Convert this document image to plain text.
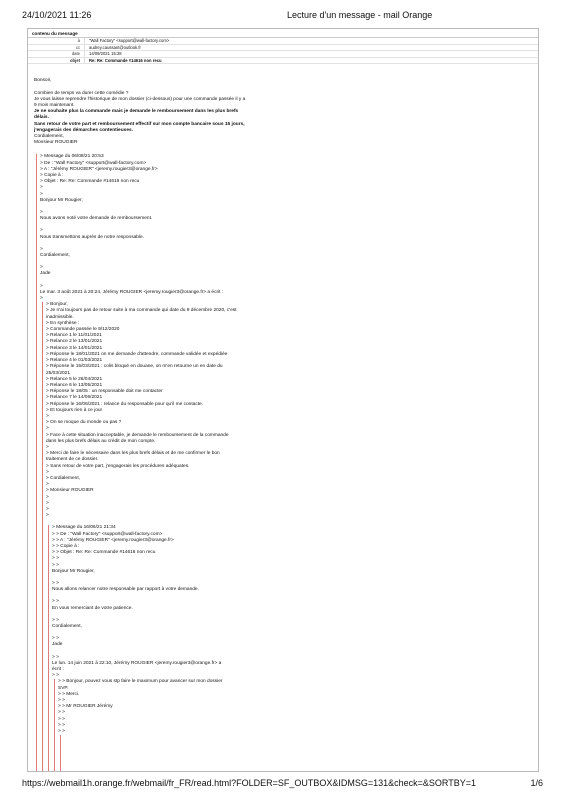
24/10/2021 11:26	Lecture d'un message - mail Orange
contenu du message
à	"Wall Factory" <support@wall-factory.com>
cc	audrey.caussant@outlook.fr
date	14/09/2021 15:28
objet	Re: Re: Commande #14616 non recu

Bonsoir,

Combien de temps va durer cette comédie ?

Je vous laisse reprendre l'historique de mon dossier (ci-dessous) pour une commande passée il y a

9 mois maintenant.

Je ne souhaite plus la commande mais je demande le remboursement dans les plus brefs

délais.

Sans retour de votre part et remboursement effectif sur mon compte bancaire sous 15 jours,

j'engagerais des démarches contentieuses.

Cordialement,

Monsieur ROUGIER

> Message du 06/08/21 20:53

> De : "Wall Factory" <support@wall-factory.com>

> A : "Jérémy ROUGIER" <jeremy.rougier3@orange.fr>

> Copie à :

> Objet : Re: Re: Commande #14616 non recu

>

>

Bonjour Mr Rougier,

>

Nous avons noté votre demande de remboursement.

>

Nous transmettons auprès de notre responsable.

>

Cordialement,

>

Jade

>

Le mar. 3 août 2021 à 20:24, Jérémy ROUGIER <jeremy.rougier3@orange.fr> a écrit :

>

> Bonjour,

> Je n'ai toujours pas de retour suite à ma commande qui date du 9 décembre 2020, c'est

inadmissible.

> En synthèse :

> Commande passée le 9/12/2020

> Relance 1 le 11/01/2021

> Relance 2 le 13/01/2021

> Relance 3 le 14/01/2021

> Réponse le 18/01/2021 on me demande d'attendre, commande validée et expédiée

> Relance 4 le 01/03/2021

> Réponse le 15/03/2021 : colis bloqué en douane, on m'en retourne un en date du

25/03/2021

> Relance 5 le 26/04/2021

> Relance 6 le 13/05/2021

> Réponse le 18/05 : un responsable doit me contacter

> Relance 7 le 14/06/2021

> Réponse le 16/06/2021 : relance du responsable pour qu'il me contacte.

> Et toujours rien à ce jour

>

> On se moque du monde ou pas ?

>

> Face à cette situation inacceptable, je demande le remboursement de la commande

dans les plus brefs délais au crédit de mon compte.

>

> Merci de faire le nécessaire dans les plus brefs délais et de me confirmer le bon

traitement de ce dossier.

> Sans retour de votre part, j'engagerais les procédures adéquates.

>

> Cordialement,

>

> Monsieur ROUGIER

>

>

>

>

> Message du 16/06/21 21:34

> > De : "Wall Factory" <support@wall-factory.com>

> > A : "Jérémy ROUGIER" <jeremy.rougier3@orange.fr>

> > Copie à :

> > Objet : Re: Re: Commande #14616 non recu

> >

> >

Bonjour Mr Rougier,

> >

Nous allons relancer notre responsable par rapport à votre demande.

> >

En vous remerciant de votre patience.

> >

Cordialement,

> >

Jade

> >

Le lun. 14 juin 2021 à 22:10, Jérémy ROUGIER <jeremy.rougier3@orange.fr> a

écrit :

> >

> > Bonjour, pouvez vous stp faire le maximum pour avancer sur mon dossier

SVP.

> > Merci.

> >

> > Mr ROUGIER Jérémy

> >

> >

> >

> >

https://webmail1h.orange.fr/webmail/fr_FR/read.html?FOLDER=SF_OUTBOX&IDMSG=131&check=&SORTBY=1	1/6
